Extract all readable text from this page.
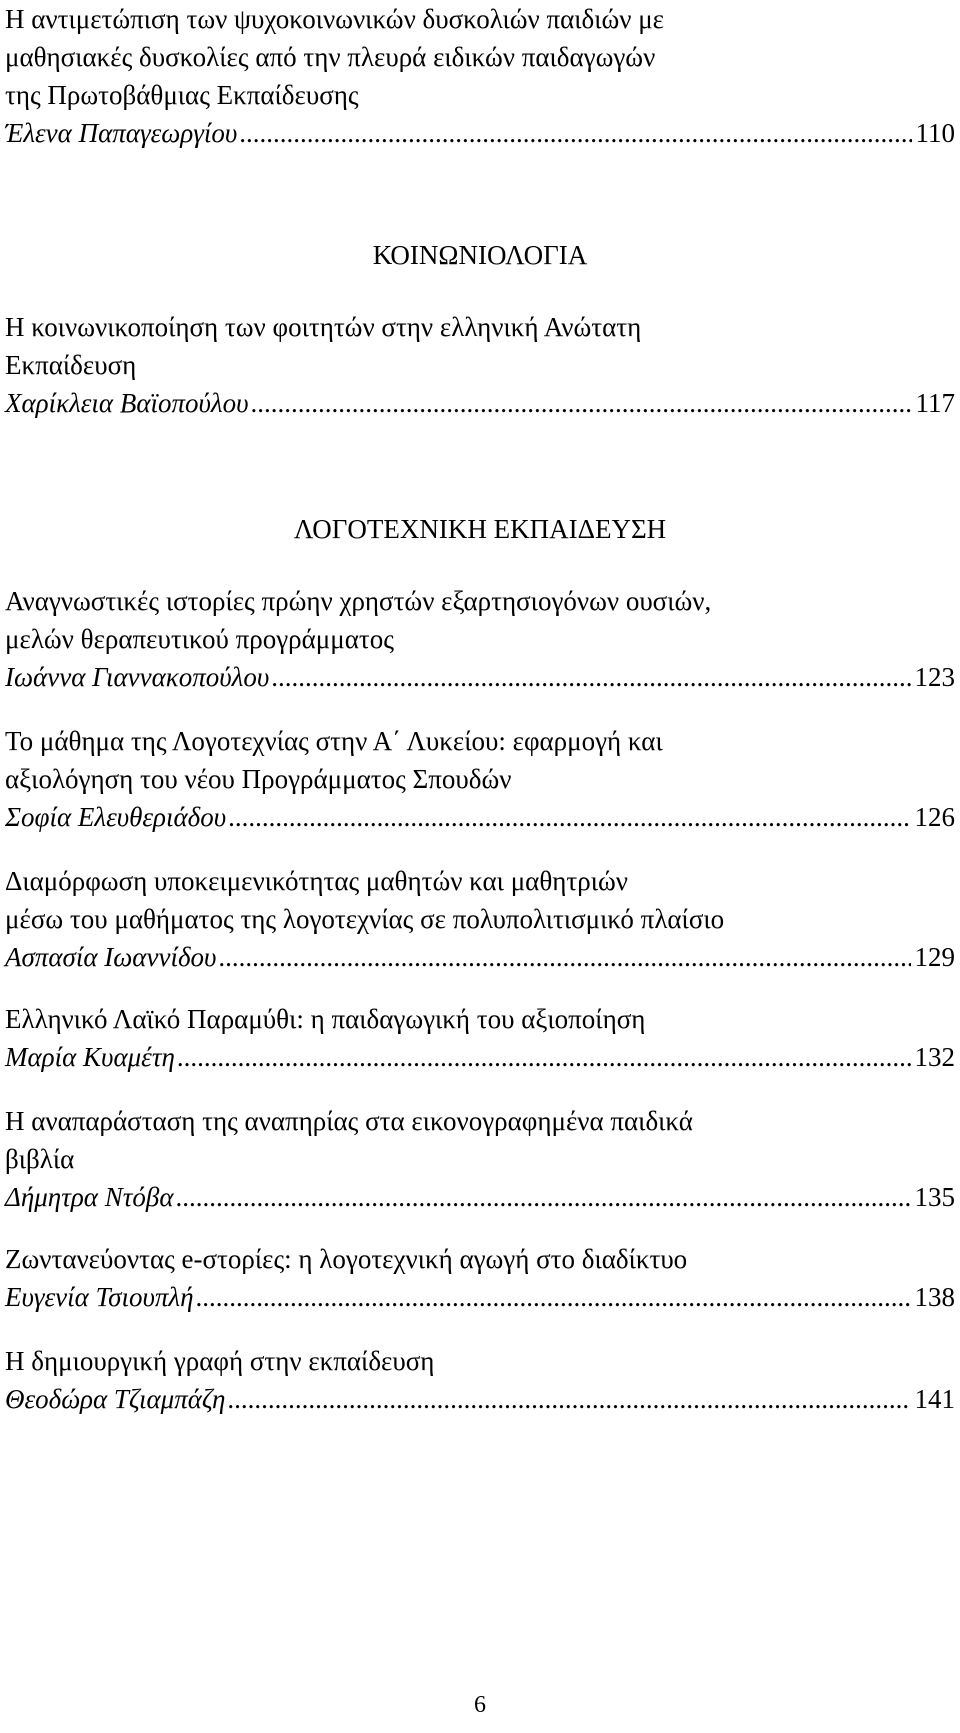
Η αντιμετώπιση των ψυχοκοινωνικών δυσκολιών παιδιών με
μαθησιακές δυσκολίες από την πλευρά ειδικών παιδαγωγών
της Πρωτοβάθμιας Εκπαίδευσης
Έλενα Παπαγεωργίου .....	110
ΚΟΙΝΩΝΙΟΛΟΓΙΑ
Η κοινωνικοποίηση των φοιτητών στην ελληνική Ανώτατη
Εκπαίδευση
Χαρίκλεια Βαϊοπούλου .....	117
ΛΟΓΟΤΕΧΝΙΚΗ ΕΚΠΑΙΔΕΥΣΗ
Αναγνωστικές ιστορίες πρώην χρηστών εξαρτησιογόνων ουσιών,
μελών θεραπευτικού προγράμματος
Ιωάννα Γιαννακοπούλου .....	123
Το μάθημα της Λογοτεχνίας στην Α΄ Λυκείου: εφαρμογή και
αξιολόγηση του νέου Προγράμματος Σπουδών
Σοφία Ελευθεριάδου .....	126
Διαμόρφωση υποκειμενικότητας μαθητών και μαθητριών
μέσω του μαθήματος της λογοτεχνίας σε πολυπολιτισμικό πλαίσιο
Ασπασία Ιωαννίδου .....	129
Ελληνικό Λαϊκό Παραμύθι: η παιδαγωγική του αξιοποίηση
Μαρία Κυαμέτη .....	132
Η αναπαράσταση της αναπηρίας στα εικονογραφημένα παιδικά
βιβλία
Δήμητρα Ντόβα .....	135
Ζωντανεύοντας e-στορίες: η λογοτεχνική αγωγή στο διαδίκτυο
Ευγενία Τσιουπλή .....	138
Η δημιουργική γραφή στην εκπαίδευση
Θεοδώρα Τζιαμπάζη .....	141
6
